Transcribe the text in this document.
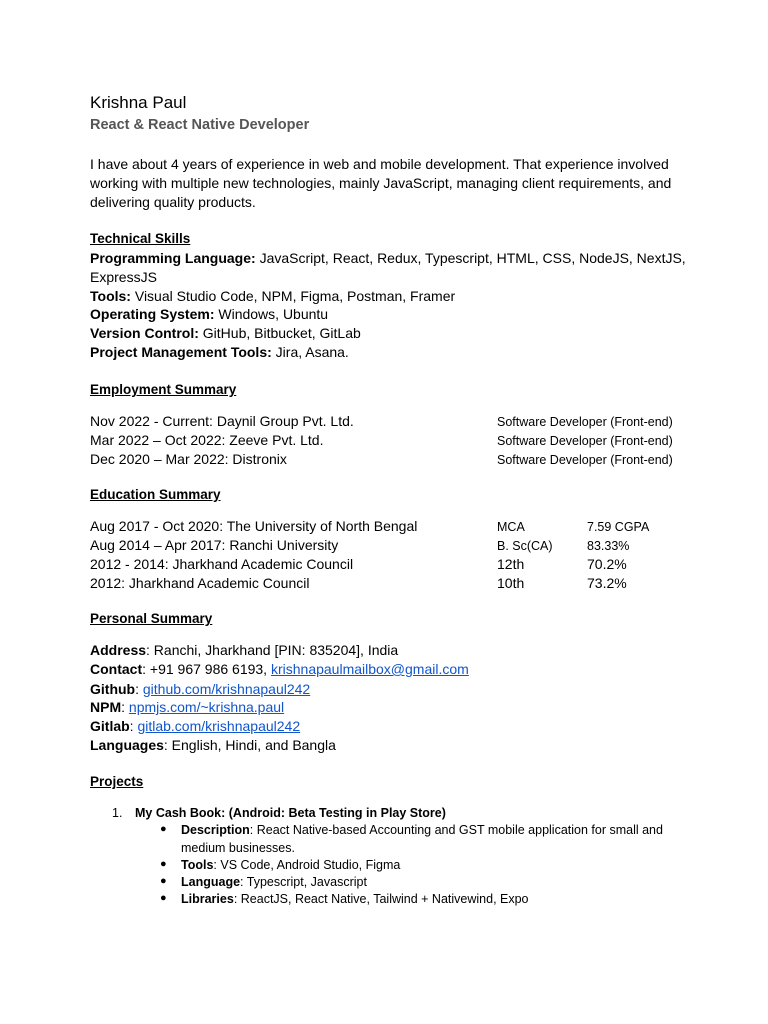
Krishna Paul
React & React Native Developer
I have about 4 years of experience in web and mobile development. That experience involved working with multiple new technologies, mainly JavaScript, managing client requirements, and delivering quality products.
Technical Skills
Programming Language: JavaScript, React, Redux, Typescript, HTML, CSS, NodeJS, NextJS, ExpressJS
Tools: Visual Studio Code, NPM, Figma, Postman, Framer
Operating System: Windows, Ubuntu
Version Control: GitHub, Bitbucket, GitLab
Project Management Tools: Jira, Asana.
Employment Summary
Nov 2022 - Current: Daynil Group Pvt. Ltd.	Software Developer (Front-end)
Mar 2022 – Oct 2022: Zeeve Pvt. Ltd.	Software Developer (Front-end)
Dec 2020 – Mar 2022: Distronix	Software Developer (Front-end)
Education Summary
Aug 2017 - Oct 2020: The University of North Bengal	MCA	7.59 CGPA
Aug 2014 – Apr 2017: Ranchi University	B. Sc(CA)	83.33%
2012 - 2014: Jharkhand Academic Council	12th	70.2%
2012: Jharkhand Academic Council	10th	73.2%
Personal Summary
Address: Ranchi, Jharkhand [PIN: 835204], India
Contact: +91 967 986 6193, krishnapaulmailbox@gmail.com
Github: github.com/krishnapaul242
NPM: npmjs.com/~krishna.paul
Gitlab: gitlab.com/krishnapaul242
Languages: English, Hindi, and Bangla
Projects
1. My Cash Book: (Android: Beta Testing in Play Store)
● Description: React Native-based Accounting and GST mobile application for small and medium businesses.
● Tools: VS Code, Android Studio, Figma
● Language: Typescript, Javascript
● Libraries: ReactJS, React Native, Tailwind + Nativewind, Expo
